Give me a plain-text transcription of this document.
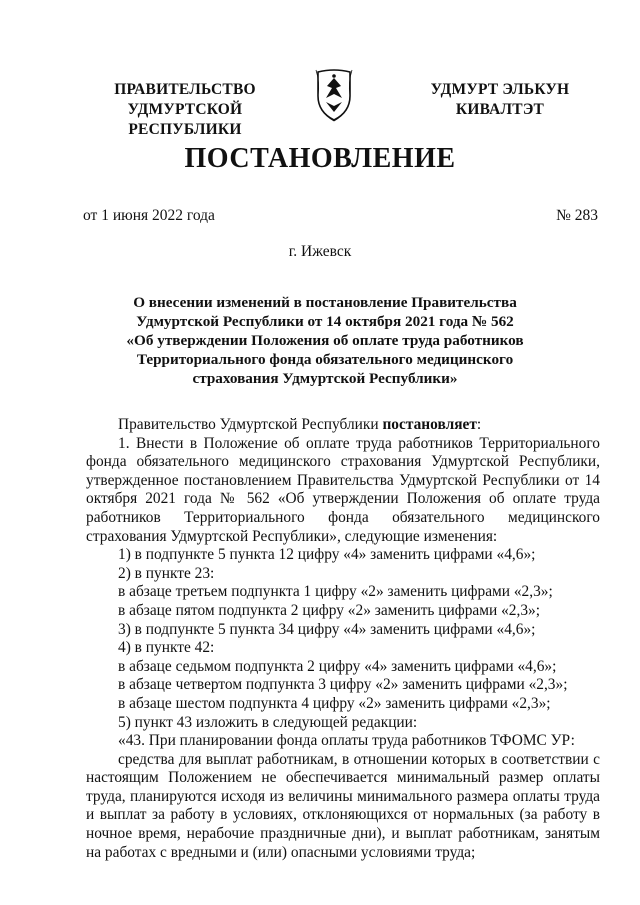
ПРАВИТЕЛЬСТВО
УДМУРТСКОЙ РЕСПУБЛИКИ
УДМУРТ ЭЛЬКУН
КИВАЛТЭТ
ПОСТАНОВЛЕНИЕ
от 1 июня 2022 года	№ 283
г. Ижевск
О внесении изменений в постановление Правительства
Удмуртской Республики от 14 октября 2021 года № 562
«Об утверждении Положения об оплате труда работников
Территориального фонда обязательного медицинского
страхования Удмуртской Республики»

Правительство Удмуртской Республики постановляет:

1. Внести в Положение об оплате труда работников Территориального фонда обязательного медицинского страхования Удмуртской Республики, утвержденное постановлением Правительства Удмуртской Республики от 14 октября 2021 года № 562 «Об утверждении Положения об оплате труда работников Территориального фонда обязательного медицинского страхования Удмуртской Республики», следующие изменения:

1) в подпункте 5 пункта 12 цифру «4» заменить цифрами «4,6»;

2) в пункте 23:

в абзаце третьем подпункта 1 цифру «2» заменить цифрами «2,3»;

в абзаце пятом подпункта 2 цифру «2» заменить цифрами «2,3»;

3) в подпункте 5 пункта 34 цифру «4» заменить цифрами «4,6»;

4) в пункте 42:

в абзаце седьмом подпункта 2 цифру «4» заменить цифрами «4,6»;

в абзаце четвертом подпункта 3 цифру «2» заменить цифрами «2,3»;

в абзаце шестом подпункта 4 цифру «2» заменить цифрами «2,3»;

5) пункт 43 изложить в следующей редакции:

«43. При планировании фонда оплаты труда работников ТФОМС УР:

средства для выплат работникам, в отношении которых в соответствии с настоящим Положением не обеспечивается минимальный размер оплаты труда, планируются исходя из величины минимального размера оплаты труда и выплат за работу в условиях, отклоняющихся от нормальных (за работу в ночное время, нерабочие праздничные дни), и выплат работникам, занятым на работах с вредными и (или) опасными условиями труда;
